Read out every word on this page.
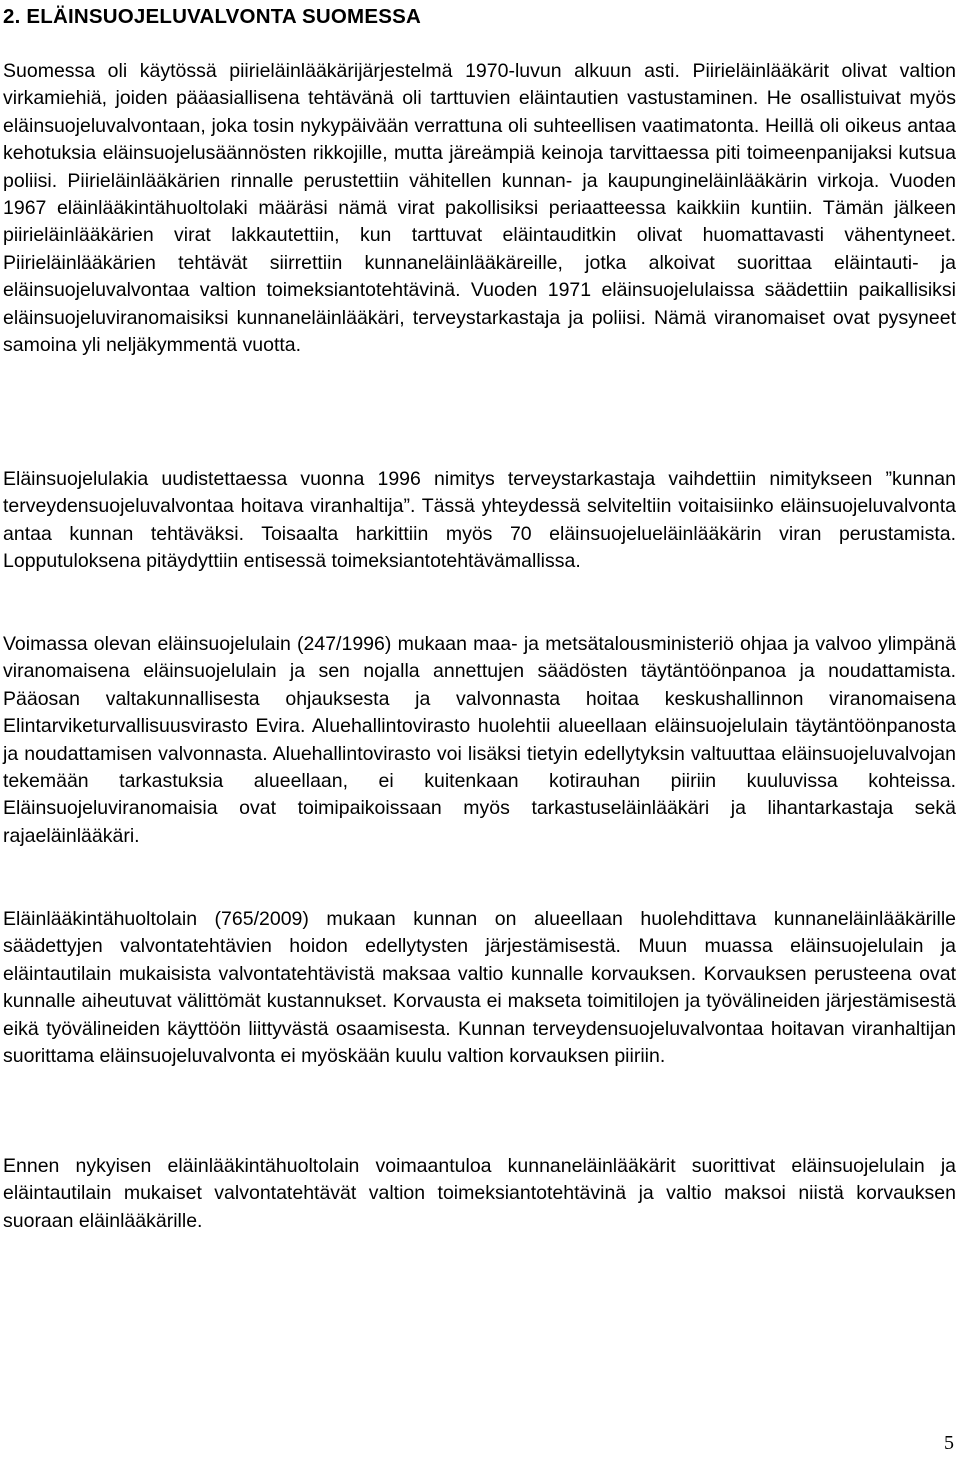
2. ELÄINSUOJELUVALVONTA SUOMESSA

Suomessa oli käytössä piirieläinlääkärijärjestelmä 1970-luvun alkuun asti. Piirieläinlääkärit olivat valtion virkamiehiä, joiden pääasiallisena tehtävänä oli tarttuvien eläintautien vastustaminen. He osallistuivat myös eläinsuojeluvalvontaan, joka tosin nykypäivään verrattuna oli suhteellisen vaatimatonta. Heillä oli oikeus antaa kehotuksia eläinsuojelusäännösten rikkojille, mutta järeämpiä keinoja tarvittaessa piti toimeenpanijaksi kutsua poliisi. Piirieläinlääkärien rinnalle perustettiin vähitellen kunnan- ja kaupungineläinlääkärin virkoja. Vuoden 1967 eläinlääkintähuoltolaki määräsi nämä virat pakollisiksi periaatteessa kaikkiin kuntiin. Tämän jälkeen piirieläinlääkärien virat lakkautettiin, kun tarttuvat eläintauditkin olivat huomattavasti vähentyneet. Piirieläinlääkärien tehtävät siirrettiin kunnaneläinlääkäreille, jotka alkoivat suorittaa eläintauti- ja eläinsuojeluvalvontaa valtion toimeksiantotehtävinä. Vuoden 1971 eläinsuojelulaissa säädettiin paikallisiksi eläinsuojeluviranomaisiksi kunnaneläinlääkäri, terveystarkastaja ja poliisi. Nämä viranomaiset ovat pysyneet samoina yli neljäkymmentä vuotta.

Eläinsuojelulakia uudistettaessa vuonna 1996 nimitys terveystarkastaja vaihdettiin nimitykseen ”kunnan terveydensuojeluvalvontaa hoitava viranhaltija”. Tässä yhteydessä selviteltiin voitaisiinko eläinsuojeluvalvonta antaa kunnan tehtäväksi. Toisaalta harkittiin myös 70 eläinsuojelueläinlääkärin viran perustamista. Lopputuloksena pitäydyttiin entisessä toimeksiantotehtävämallissa.

Voimassa olevan eläinsuojelulain (247/1996) mukaan maa- ja metsätalousministeriö ohjaa ja valvoo ylimpänä viranomaisena eläinsuojelulain ja sen nojalla annettujen säädösten täytäntöönpanoa ja noudattamista. Pääosan valtakunnallisesta ohjauksesta ja valvonnasta hoitaa keskushallinnon viranomaisena Elintarviketurvallisuusvirasto Evira. Aluehallintovirasto huolehtii alueellaan eläinsuojelulain täytäntöönpanosta ja noudattamisen valvonnasta. Aluehallintovirasto voi lisäksi tietyin edellytyksin valtuuttaa eläinsuojeluvalvojan tekemään tarkastuksia alueellaan, ei kuitenkaan kotirauhan piiriin kuuluvissa kohteissa. Eläinsuojeluviranomaisia ovat toimipaikoissaan myös tarkastuseläinlääkäri ja lihantarkastaja sekä rajaeläinlääkäri.

Eläinlääkintähuoltolain (765/2009) mukaan kunnan on alueellaan huolehdittava kunnaneläinlääkärille säädettyjen valvontatehtävien hoidon edellytysten järjestämisestä. Muun muassa eläinsuojelulain ja eläintautilain mukaisista valvontatehtävistä maksaa valtio kunnalle korvauksen. Korvauksen perusteena ovat kunnalle aiheutuvat välittömät kustannukset. Korvausta ei makseta toimitilojen ja työvälineiden järjestämisestä eikä työvälineiden käyttöön liittyvästä osaamisesta. Kunnan terveydensuojeluvalvontaa hoitavan viranhaltijan suorittama eläinsuojeluvalvonta ei myöskään kuulu valtion korvauksen piiriin.

Ennen nykyisen eläinlääkintähuoltolain voimaantuloa kunnaneläinlääkärit suorittivat eläinsuojelulain ja eläintautilain mukaiset valvontatehtävät valtion toimeksiantotehtävinä ja valtio maksoi niistä korvauksen suoraan eläinlääkärille.

5
